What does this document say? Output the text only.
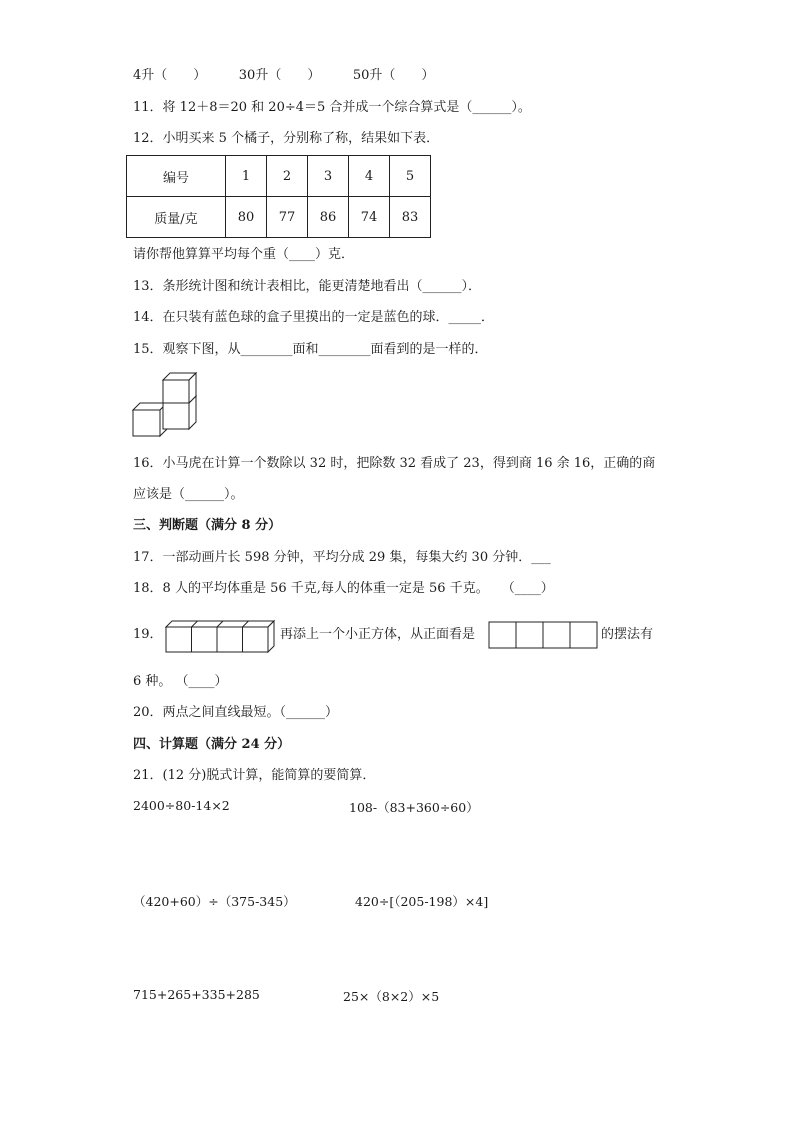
4升（　　）　　　30升（　　）　　　50升（　　）
11．将 12＋8＝20 和 20÷4＝5 合并成一个综合算式是（______）。
12．小明买来 5 个橘子，分别称了称，结果如下表．
编号	1	2	3	4	5
质量/克	80	77	86	74	83
请你帮他算算平均每个重（____）克．
13．条形统计图和统计表相比，能更清楚地看出（______）．
14．在只装有蓝色球的盒子里摸出的一定是蓝色的球．_____．
15．观察下图，从________面和________面看到的是一样的．
16．小马虎在计算一个数除以 32 时，把除数 32 看成了 23，得到商 16 余 16，正确的商
应该是（______）。
三、判断题（满分 8 分）
17．一部动画片长 598 分钟，平均分成 29 集，每集大约 30 分钟．___
18．8 人的平均体重是 56 千克,每人的体重一定是 56 千克。　　（____）
19．	再添上一个小正方体，从正面看是	的摆法有
6 种。 （____）
20．两点之间直线最短。（______）
四、计算题（满分 24 分）
21．(12 分)脱式计算，能简算的要简算．
2400÷80-14×2	108-（83+360÷60）
（420+60）÷（375-345）	420÷[（205-198）×4]
715+265+335+285	25×（8×2）×5
